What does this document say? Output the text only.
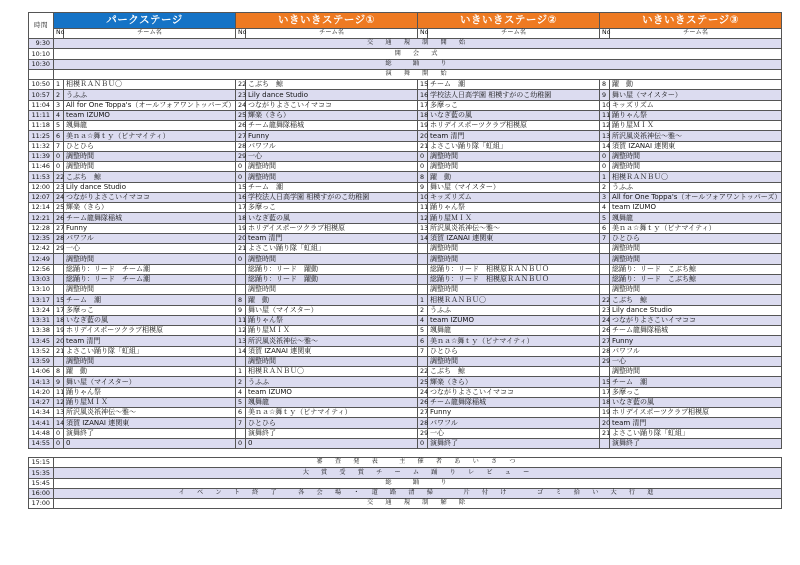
時間	パークステージ		いきいきステージ①		いきいきステージ②		いきいきステージ③	
	No	チーム名	No	チーム名	No	チーム名	No	チーム名
9:30	交　通　規　制　開　始							
10:10	開　会　式							
10:30	総　　踊　　り							
	演　舞　開　始							
10:50	1	相模ＲＡＮＢＵ〇	22	こぶち　鯨	15	チーム　潮	8	躍　動
10:57	2	うふふ	23	Lily dance Studio	16	学校法人日高学園 相模すがのこ幼稚園	9	舞い屋（マイスター）
11:04	3	All for One Toppa's（オールフォアワントッパーズ）	24	つながりよさこいイマココ	17	多摩っこ	10	キッズリズム
11:11	4	team IZUMO	25	輝楽（きら）	18	いなぎ藍の風	11	踊りゃん祭
11:18	5	颯舞龍	26	チーム龍舞隊稲城	19	ホリデイスポーツクラブ相模原	12	踊り屋ＭＩＸ
11:25	6	美ｎａ☆舞ｔｙ（ビナマイティ）	27	Funny	20	team 清門	13	所沢風炎祇神伝～雅～
11:32	7	ひとひら	28	パワフル	21	よさこい踊り隊「虹組」	14	須賀 IZANAI 連関東
11:39	0	調整時間	29	一心	0	調整時間	0	調整時間
11:46	0	調整時間	0	調整時間	0	調整時間	0	調整時間
11:53	22	こぶち　鯨	0	調整時間	8	躍　動	1	相模ＲＡＮＢＵ〇
12:00	23	Lily dance Studio	15	チーム　潮	9	舞い屋（マイスター）	2	うふふ
12:07	24	つながりよさこいイマココ	16	学校法人日高学園 相模すがのこ幼稚園	10	キッズリズム	3	All for One Toppa's（オールフォアワントッパーズ）
12:14	25	輝楽（きら）	17	多摩っこ	11	踊りゃん祭	4	team IZUMO
12:21	26	チーム龍舞隊稲城	18	いなぎ藍の風	12	踊り屋ＭＩＸ	5	颯舞龍
12:28	27	Funny	19	ホリデイスポーツクラブ相模原	13	所沢風炎祇神伝～雅～	6	美ｎａ☆舞ｔｙ（ビナマイティ）
12:35	28	パワフル	20	team 清門	14	須賀 IZANAI 連関東	7	ひとひら
12:42	29	一心	21	よさこい踊り隊「虹組」		調整時間		調整時間
12:49		調整時間	0	調整時間		調整時間		調整時間
12:56		総踊り：リード　チーム潮		総踊り：リード　躍動		総踊り：リード　相模原ＲＡＮＢＵＯ		総踊り：リード　こぶち鯨
13:03		総踊り：リード　チーム潮		総踊り：リード　躍動		総踊り：リード　相模原ＲＡＮＢＵＯ		総踊り：リード　こぶち鯨
13:10		調整時間		調整時間		調整時間		調整時間
13:17	15	チーム　潮	8	躍　動	1	相模ＲＡＮＢＵ〇	22	こぶち　鯨
13:24	17	多摩っこ	9	舞い屋（マイスター）	2	うふふ	23	Lily dance Studio
13:31	18	いなぎ藍の風	11	踊りゃん祭	4	team IZUMO	24	つながりよさこいイマココ
13:38	19	ホリデイスポーツクラブ相模原	12	踊り屋ＭＩＸ	5	颯舞龍	26	チーム龍舞隊稲城
13:45	20	team 清門	13	所沢風炎祇神伝～雅～	6	美ｎａ☆舞ｔｙ（ビナマイティ）	27	Funny
13:52	21	よさこい踊り隊「虹組」	14	須賀 IZANAI 連関東	7	ひとひら	28	パワフル
13:59		調整時間		調整時間		調整時間	29	一心
14:06	8	躍　動	1	相模ＲＡＮＢＵ〇	22	こぶち　鯨		調整時間
14:13	9	舞い屋（マイスター）	2	うふふ	25	輝楽（きら）	15	チーム　潮
14:20	11	踊りゃん祭	4	team IZUMO	24	つながりよさこいイマココ	17	多摩っこ
14:27	12	踊り屋ＭＩＸ	5	颯舞龍	26	チーム龍舞隊稲城	18	いなぎ藍の風
14:34	13	所沢風炎祇神伝～雅～	6	美ｎａ☆舞ｔｙ（ビナマイティ）	27	Funny	19	ホリデイスポーツクラブ相模原
14:41	14	須賀 IZANAI 連関東	7	ひとひら	28	パワフル	20	team 清門
14:48	0	演舞終了		演舞終了	29	一心	21	よさこい踊り隊「虹組」
14:55	0	0	0	0	0	演舞終了		演舞終了

15:15	審　査　発　表　　主　催　者　あ　い　さ　つ							
15:35	大　賞　受　賞　チ　ー　ム　踊　り　レ　ビ　ュ　ー							
15:45	総　　踊　　り							
16:00	イ　ベ　ン　ト　終　了　　各　会　場　・　道　路　清　掃　　　片　付　け　　　ゴ　ミ　拾　い　大　行　進							
17:00	交　通　規　制　解　除							
